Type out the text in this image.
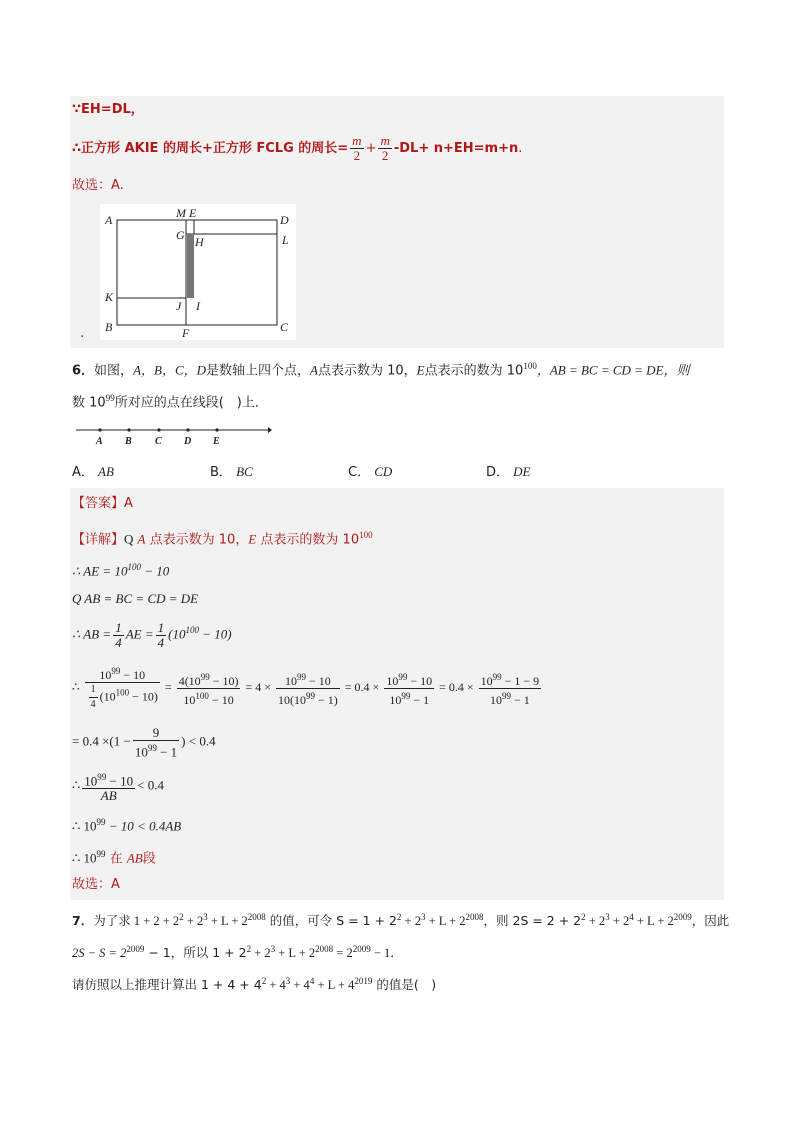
∵EH=DL，
∴正方形 AKIE 的周长+正方形 FCLG 的周长= $\frac{m}{2} + \frac{m}{2} -DL+ n+EH=m+n$.
故选：A.
A	M E	D
G H	L
K
J I
B	F	C
.
6．如图，A，B，C，D是数轴上四个点，A点表示数为 10，E点表示的数为 $10^{100}$，AB = BC = CD = DE，则
数 $10^{99}$所对应的点在线段(　)上．
A B C D E
A． AB	B． BC	C． CD	D． DE
【答案】A
【详解】Q A 点表示数为 10，E 点表示的数为 $10^{100}$
∴ AE = $10^{100} - 10$
Q AB = BC = CD = DE
∴ AB = $\frac{1}{4}$ AE = $\frac{1}{4} (10^{100} - 10)$
∴ $\frac{10^{99} - 10}{\frac{1}{4} (10^{100} - 10)} = \frac{4(10^{99} - 10)}{10^{100} - 10} = 4 \times \frac{10^{99} - 10}{10(10^{99} - 1)} = 0.4 \times \frac{10^{99} - 10}{10^{99} - 1} = 0.4 \times \frac{10^{99} - 1 - 9}{10^{99} - 1}$
= $0.4 \times(1 - \frac{9}{10^{99} - 1}$ ) < 0.4
∴ $\frac{10^{99} - 10}{AB} < 0.4$
∴ $10^{99} - 10 < 0.4AB$
∴ $10^{99}$ 在 AB段
故选：A
7．为了求 $1 + 2 + 2^2 + 2^3 + L + 2^{2008}$ 的值，可令 $S = 1 + 2^2 + 2^3 + L + 2^{2008}$，则 $2S = 2 + 2^2 + 2^3 + 2^4 + L + 2^{2009}$，因此
$2S - S = 2^{2009} - 1$，所以 $1 + 2^2 + 2^3 + L + 2^{2008} = 2^{2009} - 1$．
请仿照以上推理计算出 $1 + 4 + 4^2 + 4^3 + 4^4 + L + 4^{2019}$ 的值是(　)
